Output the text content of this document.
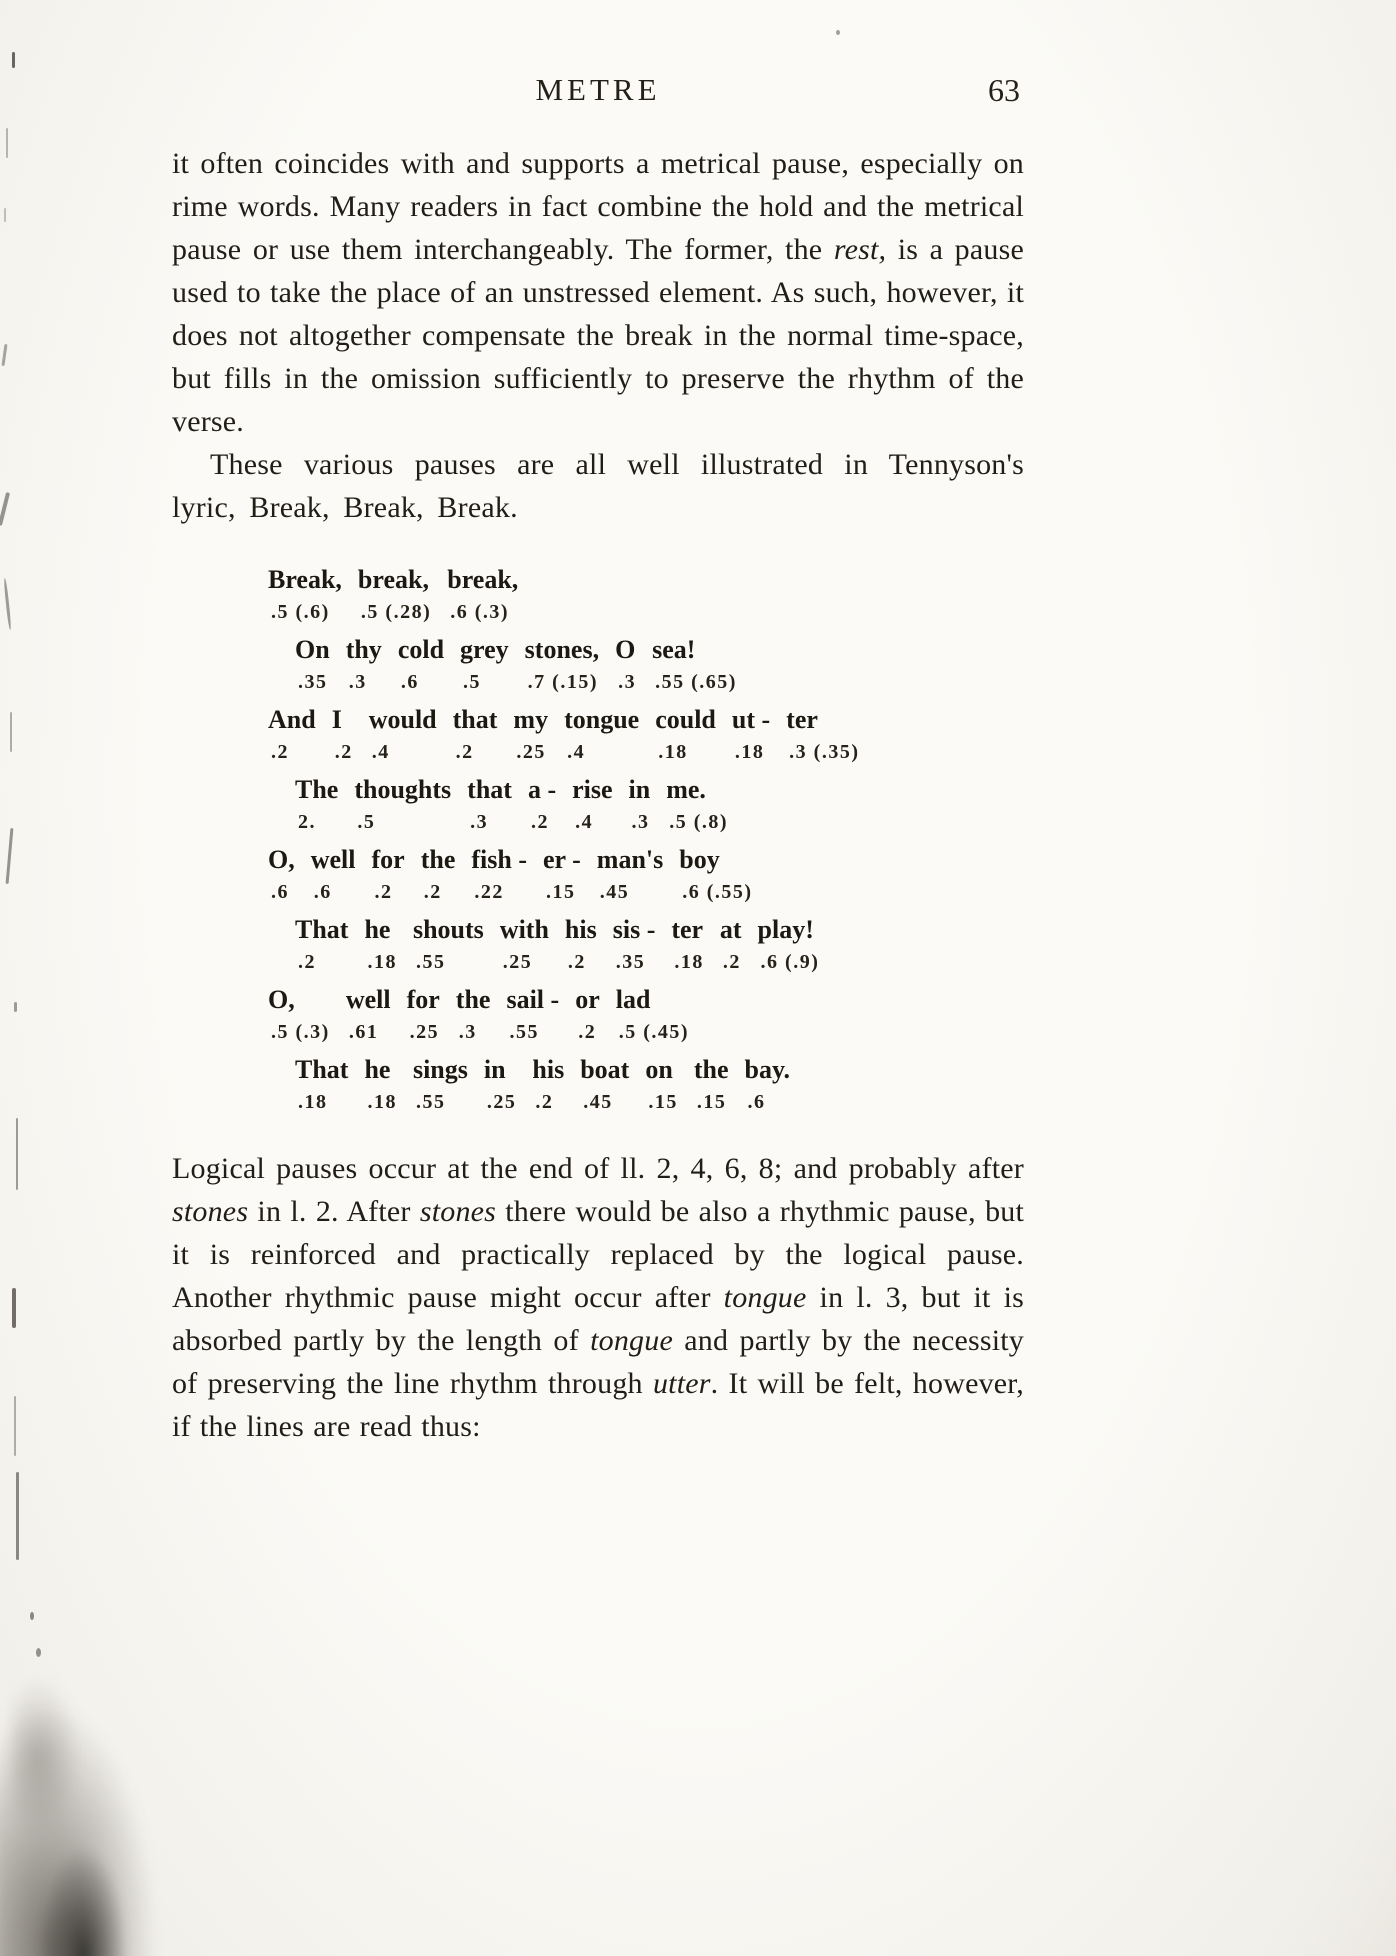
METRE	63

it often coincides with and supports a metrical pause, especially on rime words. Many readers in fact combine the hold and the metrical pause or use them interchangeably. The former, the rest, is a pause used to take the place of an unstressed element. As such, however, it does not altogether compensate the break in the normal time-space, but fills in the omission sufficiently to preserve the rhythm of the verse.

These various pauses are all well illustrated in Tennyson's lyric, Break, Break, Break.

Break,
.5 (.6)
break,
.5 (.28)
break,
.6 (.3)
On
.35
thy
.3
cold
.6
grey
.5
stones,
.7 (.15)
O
.3
sea!
.55 (.65)
And
.2
I
.2
would
.4
that
.2
my
.25
tongue
.4
could
.18
ut -
.18
ter
.3 (.35)
The
2.
thoughts
.5
that
.3
a -
.2
rise
.4
in
.3
me.
.5 (.8)
O,
.6
well
.6
for
.2
the
.2
fish -
.22
er -
.15
man's
.45
boy
.6 (.55)
That
.2
he
.18
shouts
.55
with
.25
his
.2
sis -
.35
ter
.18
at
.2
play!
.6 (.9)
O,
.5 (.3)
well
.61
for
.25
the
.3
sail -
.55
or
.2
lad
.5 (.45)
That
.18
he
.18
sings
.55
in
.25
his
.2
boat
.45
on
.15
the
.15
bay.
.6

Logical pauses occur at the end of ll. 2, 4, 6, 8; and probably after stones in l. 2. After stones there would be also a rhythmic pause, but it is reinforced and practically replaced by the logical pause. Another rhythmic pause might occur after tongue in l. 3, but it is absorbed partly by the length of tongue and partly by the necessity of preserving the line rhythm through utter. It will be felt, however, if the lines are read thus:
